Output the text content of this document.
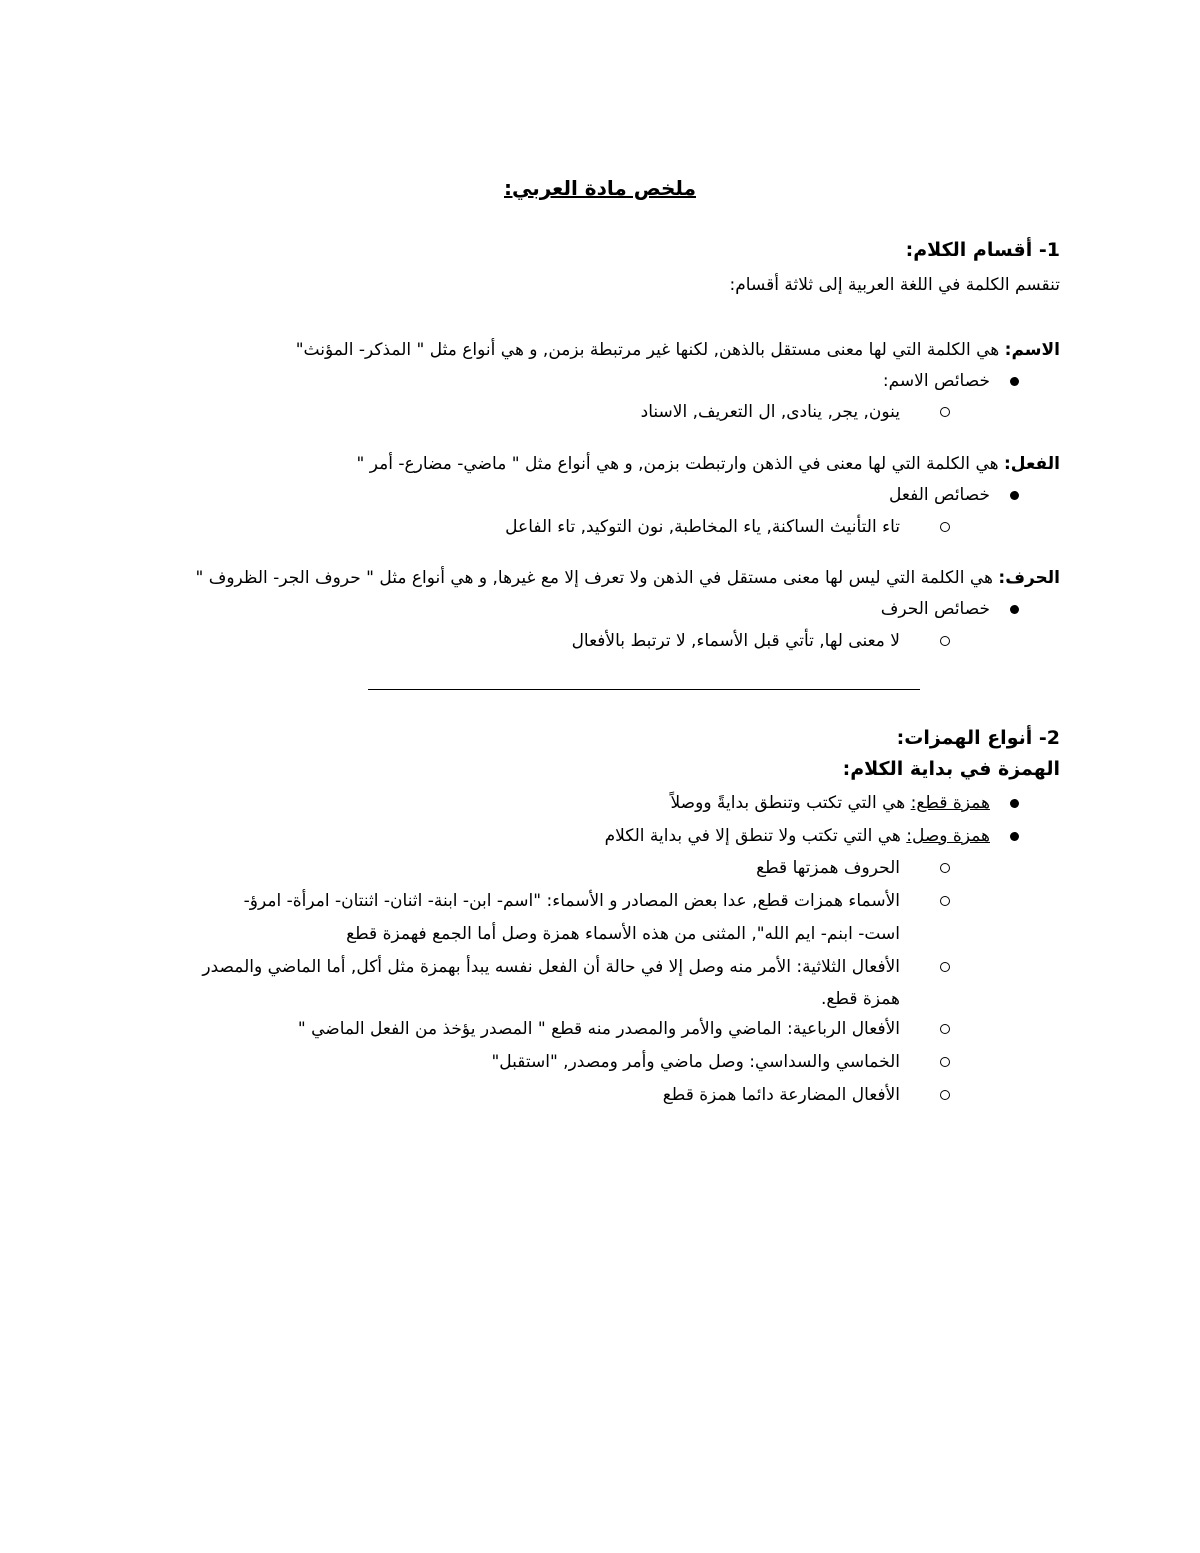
ملخص مادة العربي:
1- أقسام الكلام:
تنقسم الكلمة في اللغة العربية إلى ثلاثة أقسام:
الاسم: هي الكلمة التي لها معنى مستقل بالذهن, لكنها غير مرتبطة بزمن, و هي أنواع مثل " المذكر- المؤنث"
خصائص الاسم:
ينون, يجر, ينادى, ال التعريف, الاسناد
الفعل: هي الكلمة التي لها معنى في الذهن وارتبطت بزمن, و هي أنواع مثل " ماضي- مضارع- أمر "
خصائص الفعل
تاء التأنيث الساكنة, ياء المخاطبة, نون التوكيد, تاء الفاعل
الحرف: هي الكلمة التي ليس لها معنى مستقل في الذهن ولا تعرف إلا مع غيرها, و هي أنواع مثل " حروف الجر- الظروف "
خصائص الحرف
لا معنى لها, تأتي قبل الأسماء, لا ترتبط بالأفعال
2- أنواع الهمزات:
الهمزة في بداية الكلام:
همزة قطع: هي التي تكتب وتنطق بدايةً ووصلاً
همزة وصل: هي التي تكتب ولا تنطق إلا في بداية الكلام
الحروف همزتها قطع
الأسماء همزات قطع, عدا بعض المصادر و الأسماء: "اسم- ابن- ابنة- اثنان- اثنتان- امرأة- امرؤ-
است- ابنم- ايم الله", المثنى من هذه الأسماء همزة وصل أما الجمع فهمزة قطع
الأفعال الثلاثية: الأمر منه وصل إلا في حالة أن الفعل نفسه يبدأ بهمزة مثل أكل, أما الماضي والمصدر
همزة قطع.
الأفعال الرباعية: الماضي والأمر والمصدر منه قطع " المصدر يؤخذ من الفعل الماضي "
الخماسي والسداسي: وصل ماضي وأمر ومصدر, "استقبل"
الأفعال المضارعة دائما همزة قطع
